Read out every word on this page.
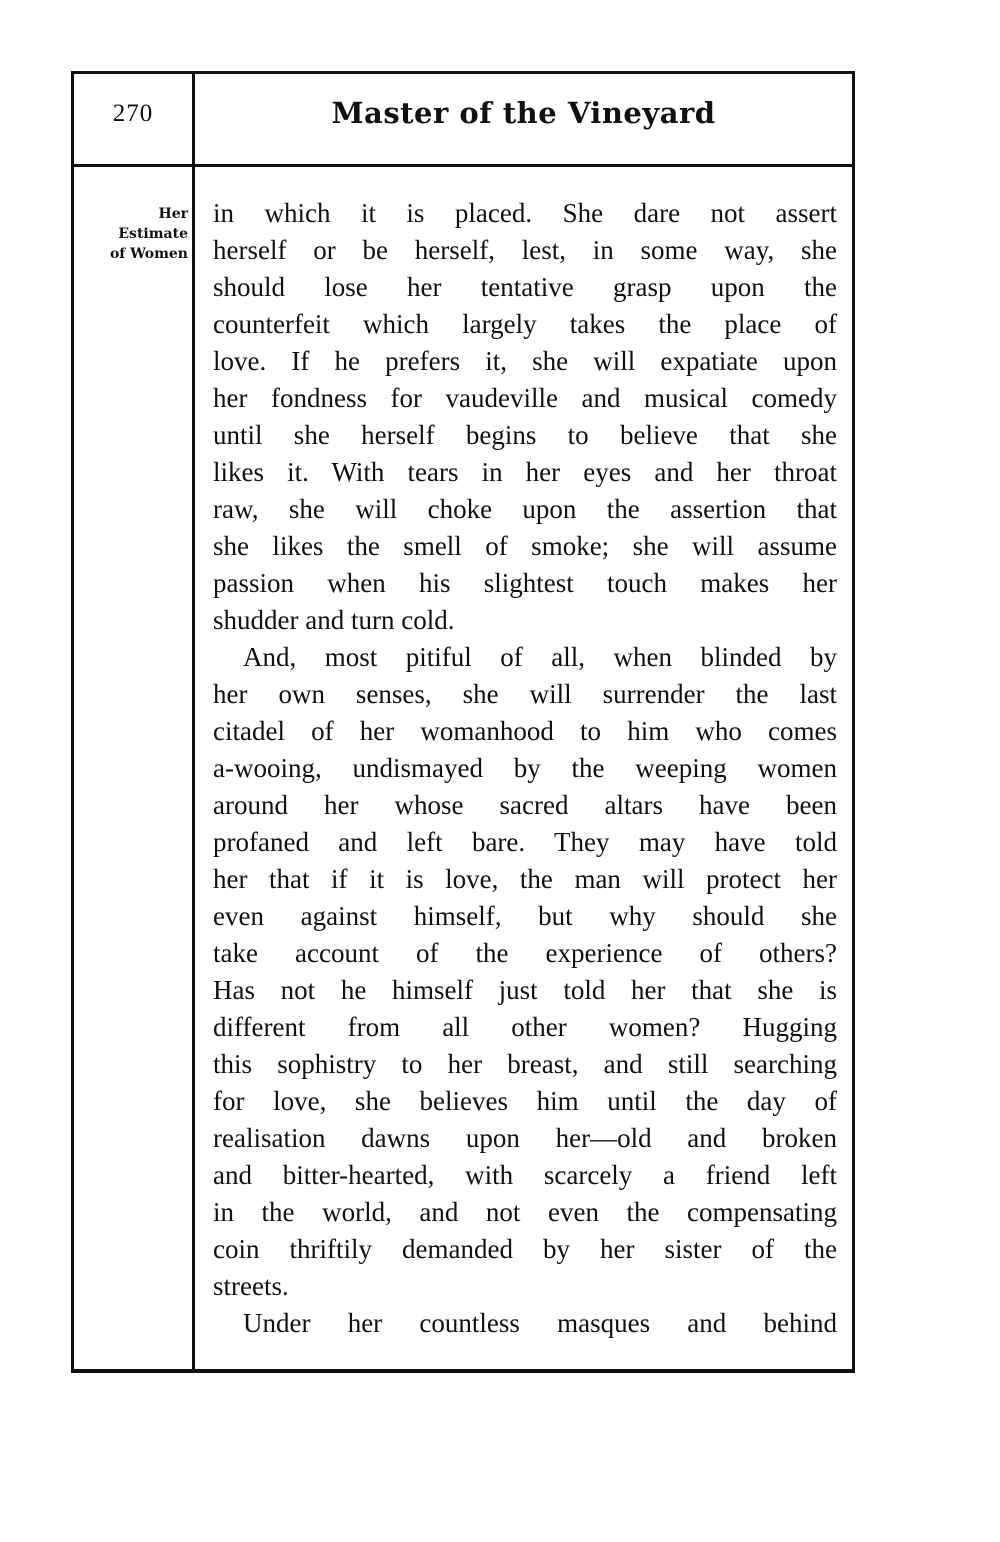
270	Master of the Vineyard
Her
Estimate
of Women
in which it is placed. She dare not assert
herself or be herself, lest, in some way, she
should lose her tentative grasp upon the
counterfeit which largely takes the place of
love. If he prefers it, she will expatiate upon
her fondness for vaudeville and musical comedy
until she herself begins to believe that she
likes it. With tears in her eyes and her throat
raw, she will choke upon the assertion that
she likes the smell of smoke; she will assume
passion when his slightest touch makes her
shudder and turn cold.
And, most pitiful of all, when blinded by
her own senses, she will surrender the last
citadel of her womanhood to him who comes
a-wooing, undismayed by the weeping women
around her whose sacred altars have been
profaned and left bare. They may have told
her that if it is love, the man will protect her
even against himself, but why should she
take account of the experience of others?
Has not he himself just told her that she is
different from all other women? Hugging
this sophistry to her breast, and still searching
for love, she believes him until the day of
realisation dawns upon her—old and broken
and bitter-hearted, with scarcely a friend left
in the world, and not even the compensating
coin thriftily demanded by her sister of the
streets.
Under her countless masques and behind
